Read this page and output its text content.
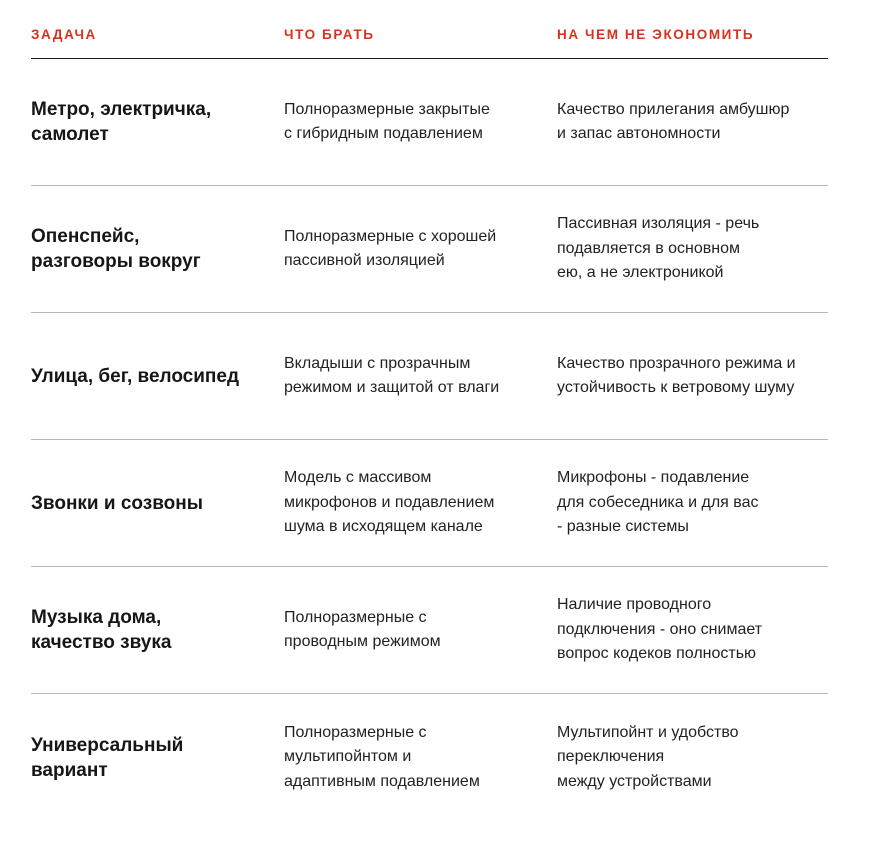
ЗАДАЧА	ЧТО БРАТЬ	НА ЧЕМ НЕ ЭКОНОМИТЬ
Метро, электричка,
самолет
Полноразмерные закрытые
с гибридным подавлением
Качество прилегания амбушюр
и запас автономности
Опенспейс,
разговоры вокруг
Полноразмерные с хорошей
пассивной изоляцией
Пассивная изоляция - речь
подавляется в основном
ею, а не электроникой
Улица, бег, велосипед
Вкладыши с прозрачным
режимом и защитой от влаги
Качество прозрачного режима и
устойчивость к ветровому шуму
Звонки и созвоны
Модель с массивом
микрофонов и подавлением
шума в исходящем канале
Микрофоны - подавление
для собеседника и для вас
- разные системы
Музыка дома,
качество звука
Полноразмерные с
проводным режимом
Наличие проводного
подключения - оно снимает
вопрос кодеков полностью
Универсальный
вариант
Полноразмерные с
мультипойнтом и
адаптивным подавлением
Мультипойнт и удобство
переключения
между устройствами
